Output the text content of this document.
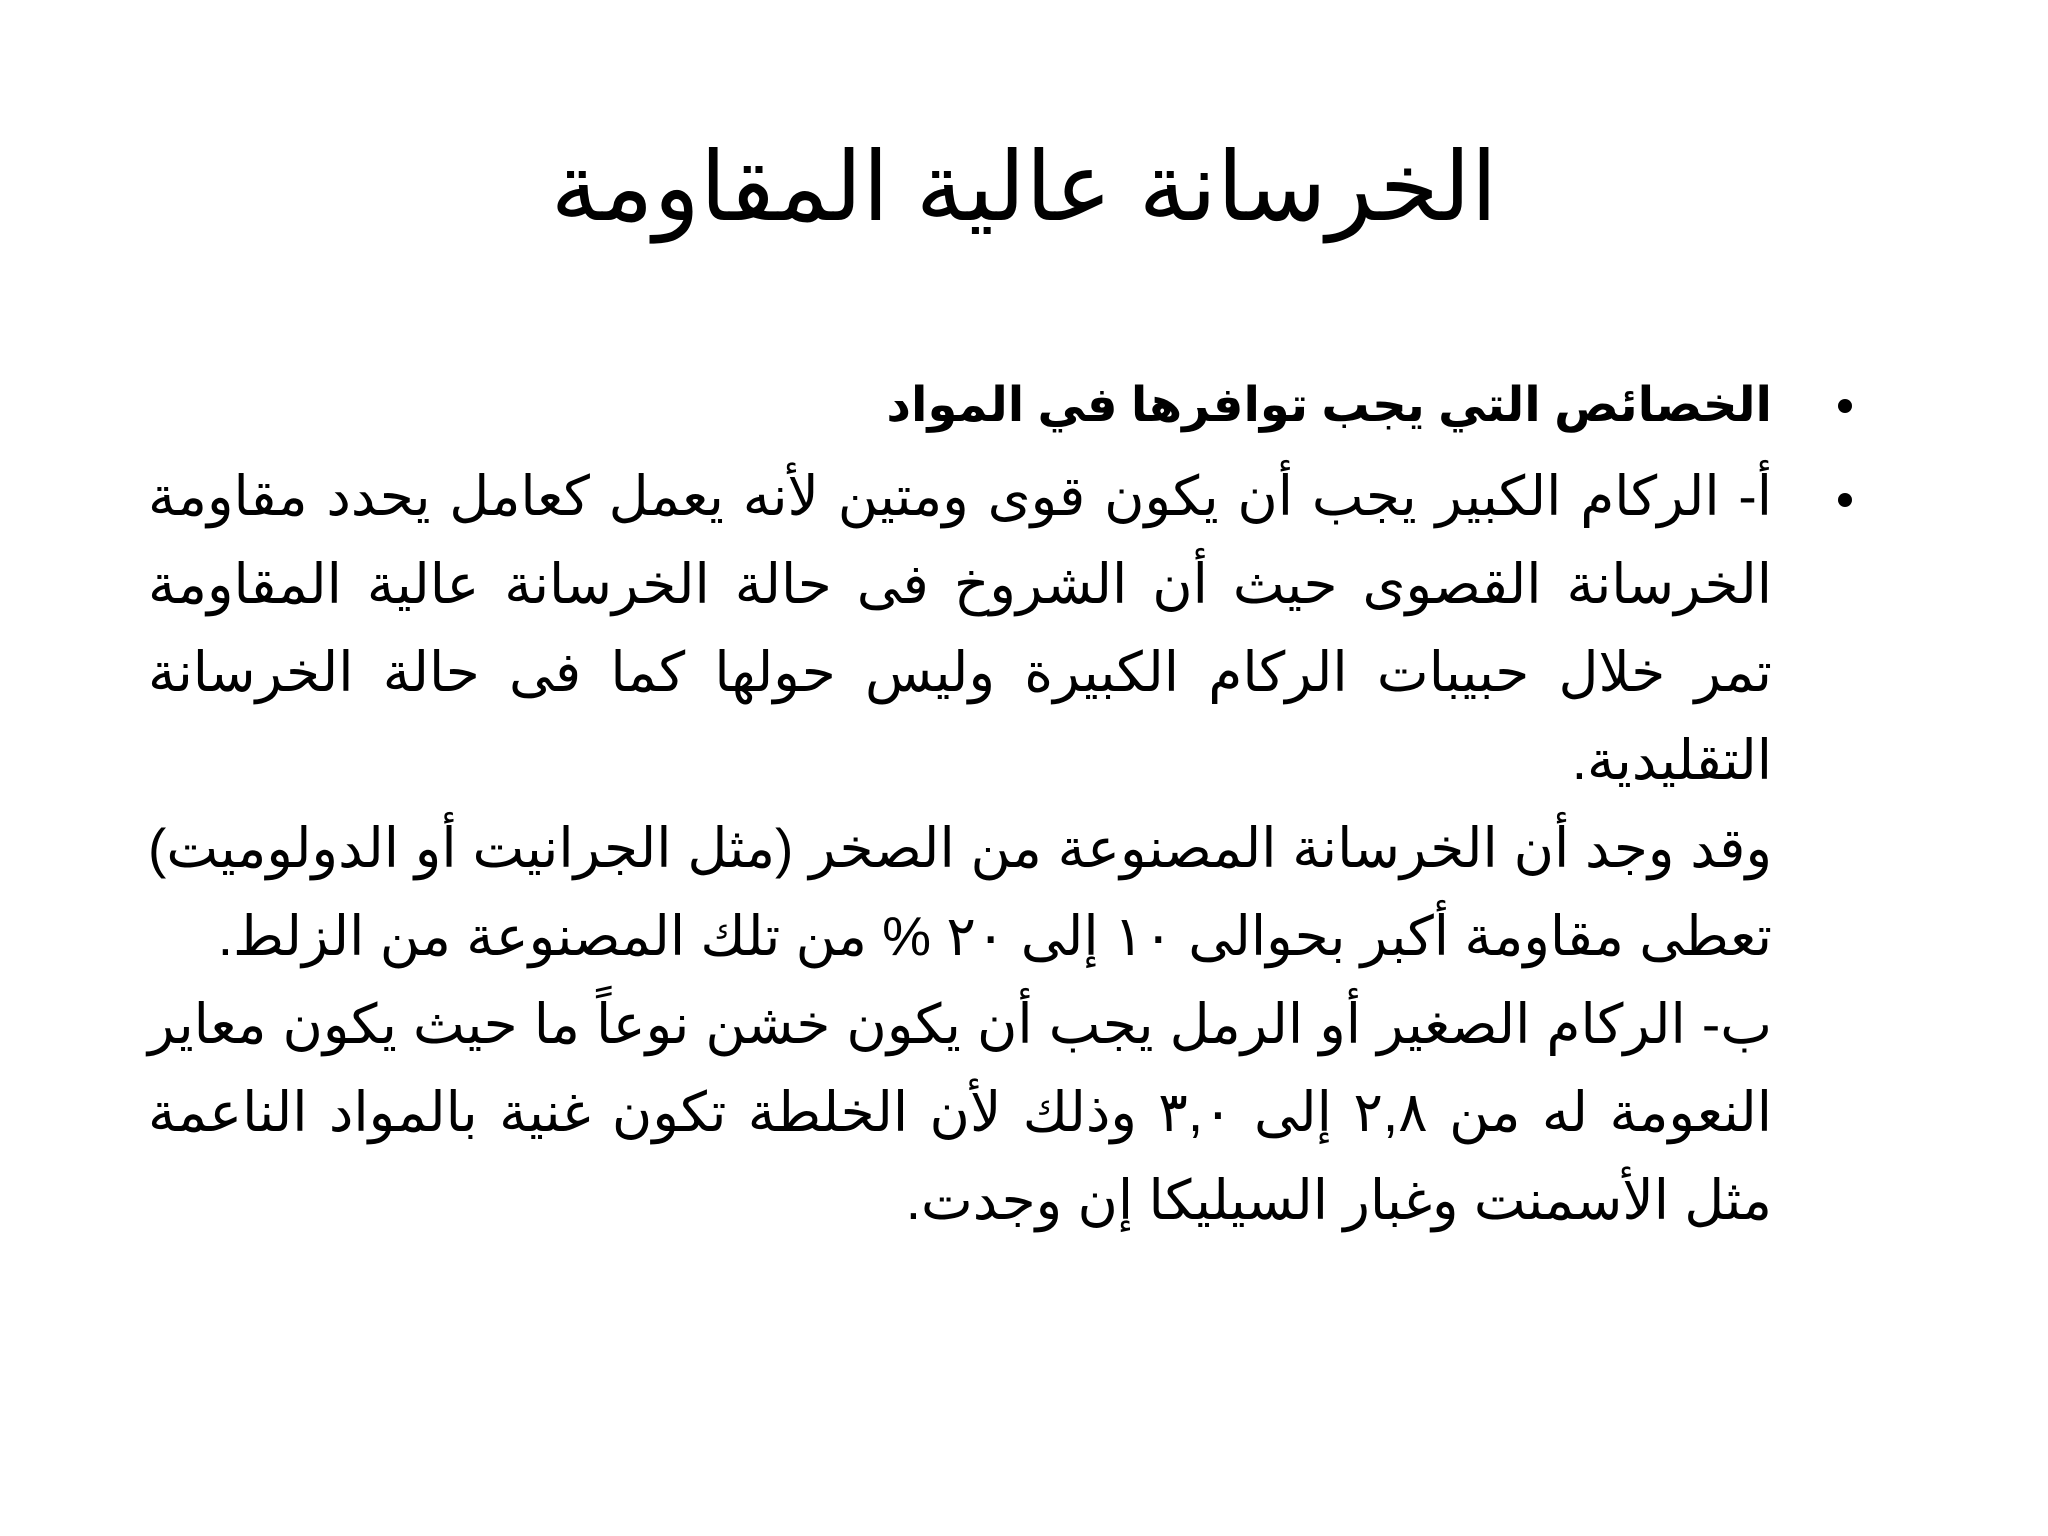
الخرسانة عالية المقاومة
الخصائص التي يجب توافرها في المواد
أ- الركام الكبير يجب أن يكون قوى ومتين لأنه يعمل كعامل يحدد مقاومة الخرسانة القصوى حيث أن الشروخ فى حالة الخرسانة عالية المقاومة تمر خلال حبيبات الركام الكبيرة وليس حولها كما فى حالة الخرسانة التقليدية.
وقد وجد أن الخرسانة المصنوعة من الصخر (مثل الجرانيت أو الدولوميت) تعطى مقاومة أكبر بحوالى ١٠ إلى ٢٠ % من تلك المصنوعة من الزلط.
ب- الركام الصغير أو الرمل يجب أن يكون خشن نوعاً ما حيث يكون معاير النعومة له من ٢,٨ إلى ٣,٠ وذلك لأن الخلطة تكون غنية بالمواد الناعمة مثل الأسمنت وغبار السيليكا إن وجدت.
